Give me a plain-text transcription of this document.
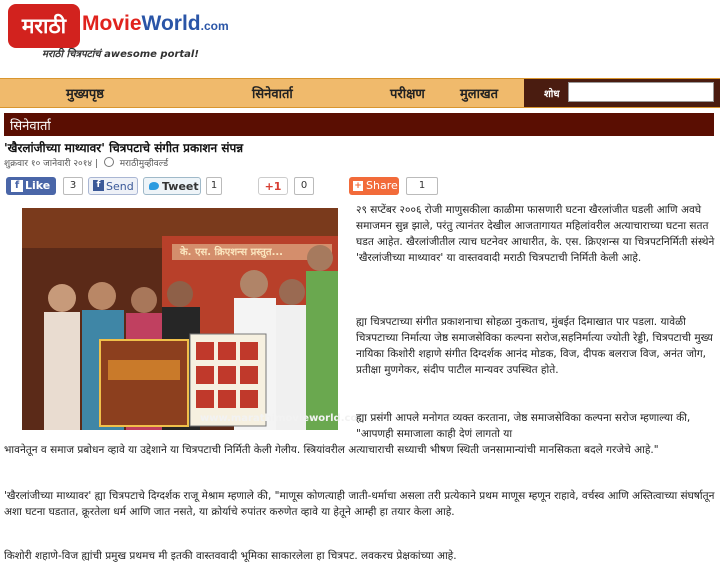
मराठी MovieWorld.com
मराठी चित्रपटांचं awesome portal!
मुख्यपृष्ठ	सिनेवार्ता	परीक्षण	मुलाखत	शोध
सिनेवार्ता
'खैरलांजीच्या माथ्यावर' चित्रपटाचे संगीत प्रकाशन संपन्न
शुक्रवार १० जानेवारी २०१४ | मराठीमुव्हीवर्ल्ड
f Like	3	f Send	Tweet	1	+1	0	+ Share	1
के. एस. क्रिएशन्स प्रस्तुत...
www.marathimovieworld.com
२९ सप्टेंबर २००६ रोजी माणुसकीला काळीमा फासणारी घटना खैरलांजीत घडली आणि अवघे समाजमन सुन्न झाले, परंतु त्यानंतर देखील आजतागायत महिलांवरील अत्याचाराच्या घटना सतत घडत आहेत. खैरलांजीतील त्याच घटनेवर आधारीत, के. एस. क्रिएशन्स या चित्रपटनिर्मिती संस्थेने 'खैरलांजीच्या माथ्यावर' या वास्तववादी मराठी चित्रपटाची निर्मिती केली आहे.
ह्या चित्रपटाच्या संगीत प्रकाशनाचा सोहळा नुकताच, मुंबईत दिमाखात पार पडला. यावेळी चित्रपटाच्या निर्मात्या जेष्ठ समाजसेविका कल्पना सरोज,सहनिर्मात्या ज्योती रेड्डी, चित्रपटाची मुख्य नायिका किशोरी शहाणे संगीत दिग्दर्शक आनंद मोडक, विज, दीपक बलराज विज, अनंत जोग, प्रतीक्षा मुणगेकर, संदीप पाटील मान्यवर उपस्थित होते.
ह्या प्रसंगी आपले मनोगत व्यक्त करताना, जेष्ठ समाजसेविका कल्पना सरोज म्हणाल्या की, "आपणही समाजाला काही देणं लागतो या
भावनेतून व समाज प्रबोधन व्हावे या उद्देशाने या चित्रपटाची निर्मिती केली गेलीय. स्त्रियांवरील अत्याचाराची सध्याची भीषण स्थिती जनसामान्यांची मानसिकता बदले गरजेचे आहे."
'खैरलांजीच्या माथ्यावर' ह्या चित्रपटाचे दिग्दर्शक राजू मेश्राम म्हणाले की, "माणूस कोणत्याही जाती-धर्माचा असला तरी प्रत्येकाने प्रथम माणूस म्हणून राहावे, वर्चस्व आणि अस्तित्वाच्या संघर्षातून अशा घटना घडतात, क्रूरतेला धर्म आणि जात नसते, या क्रोर्याचे रुपांतर करुणेत व्हावे या हेतूने आम्ही हा तयार केला आहे.
किशोरी शहाणे-विज ह्यांची प्रमुख प्रथमच मी इतकी वास्तववादी भूमिका साकारलेला हा चित्रपट. लवकरच प्रेक्षकांच्या आहे.
